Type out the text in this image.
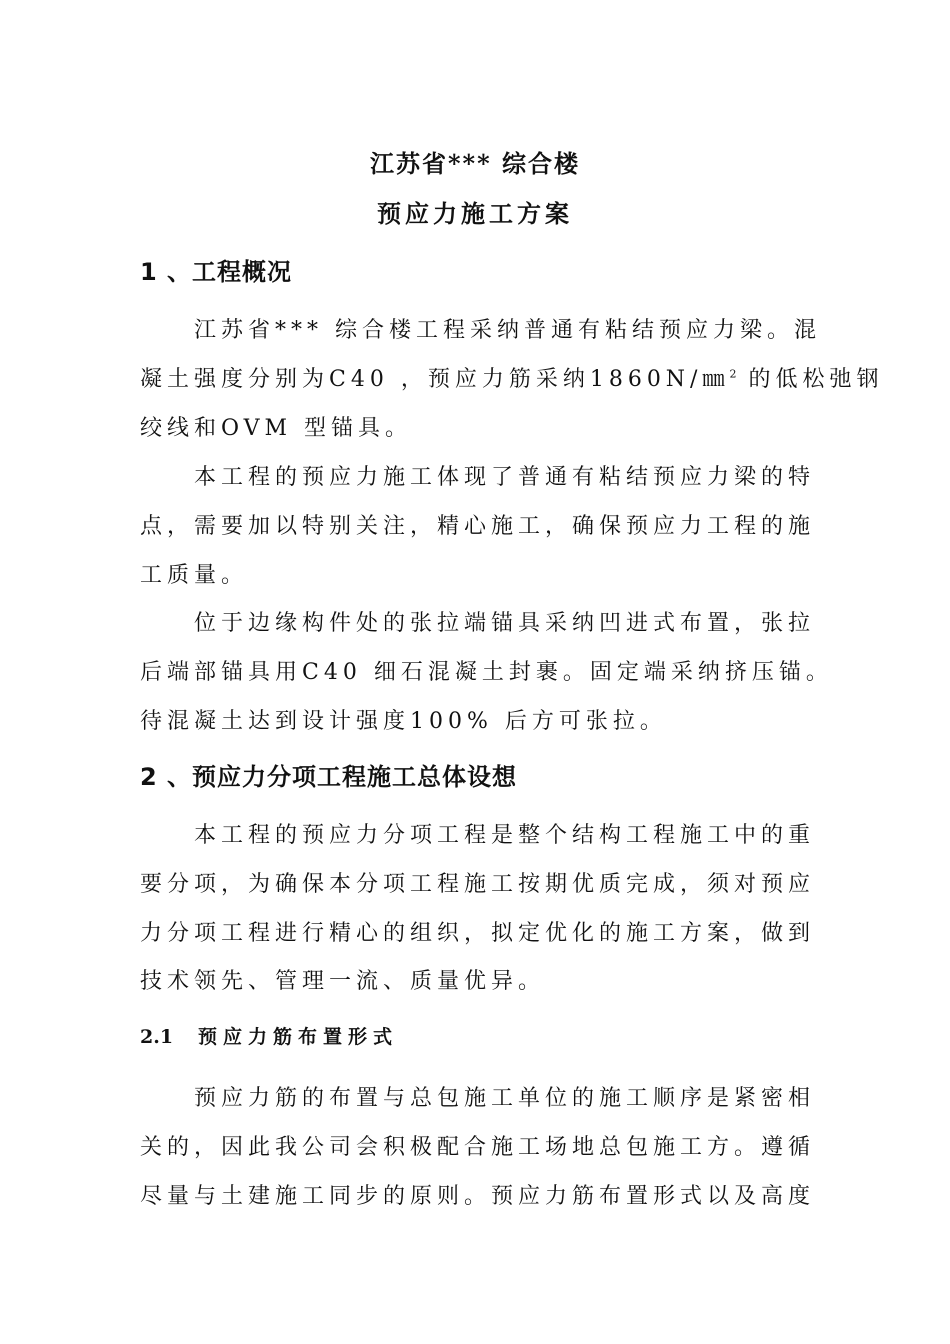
江苏省*** 综合楼
预应力施工方案
1 、工程概况
江苏省*** 综合楼工程采纳普通有粘结预应力梁。混
凝土强度分别为C40 ，预应力筋采纳1860N/㎜$^2$ 的低松弛钢
绞线和OVM 型锚具。
本工程的预应力施工体现了普通有粘结预应力梁的特
点，需要加以特别关注，精心施工，确保预应力工程的施
工质量。
位于边缘构件处的张拉端锚具采纳凹进式布置，张拉
后端部锚具用C40 细石混凝土封裹。固定端采纳挤压锚。
待混凝土达到设计强度100% 后方可张拉。
2 、预应力分项工程施工总体设想
本工程的预应力分项工程是整个结构工程施工中的重
要分项，为确保本分项工程施工按期优质完成，须对预应
力分项工程进行精心的组织，拟定优化的施工方案，做到
技术领先、管理一流、质量优异。
2.1 预应力筋布置形式
预应力筋的布置与总包施工单位的施工顺序是紧密相
关的，因此我公司会积极配合施工场地总包施工方。遵循
尽量与土建施工同步的原则。预应力筋布置形式以及高度
